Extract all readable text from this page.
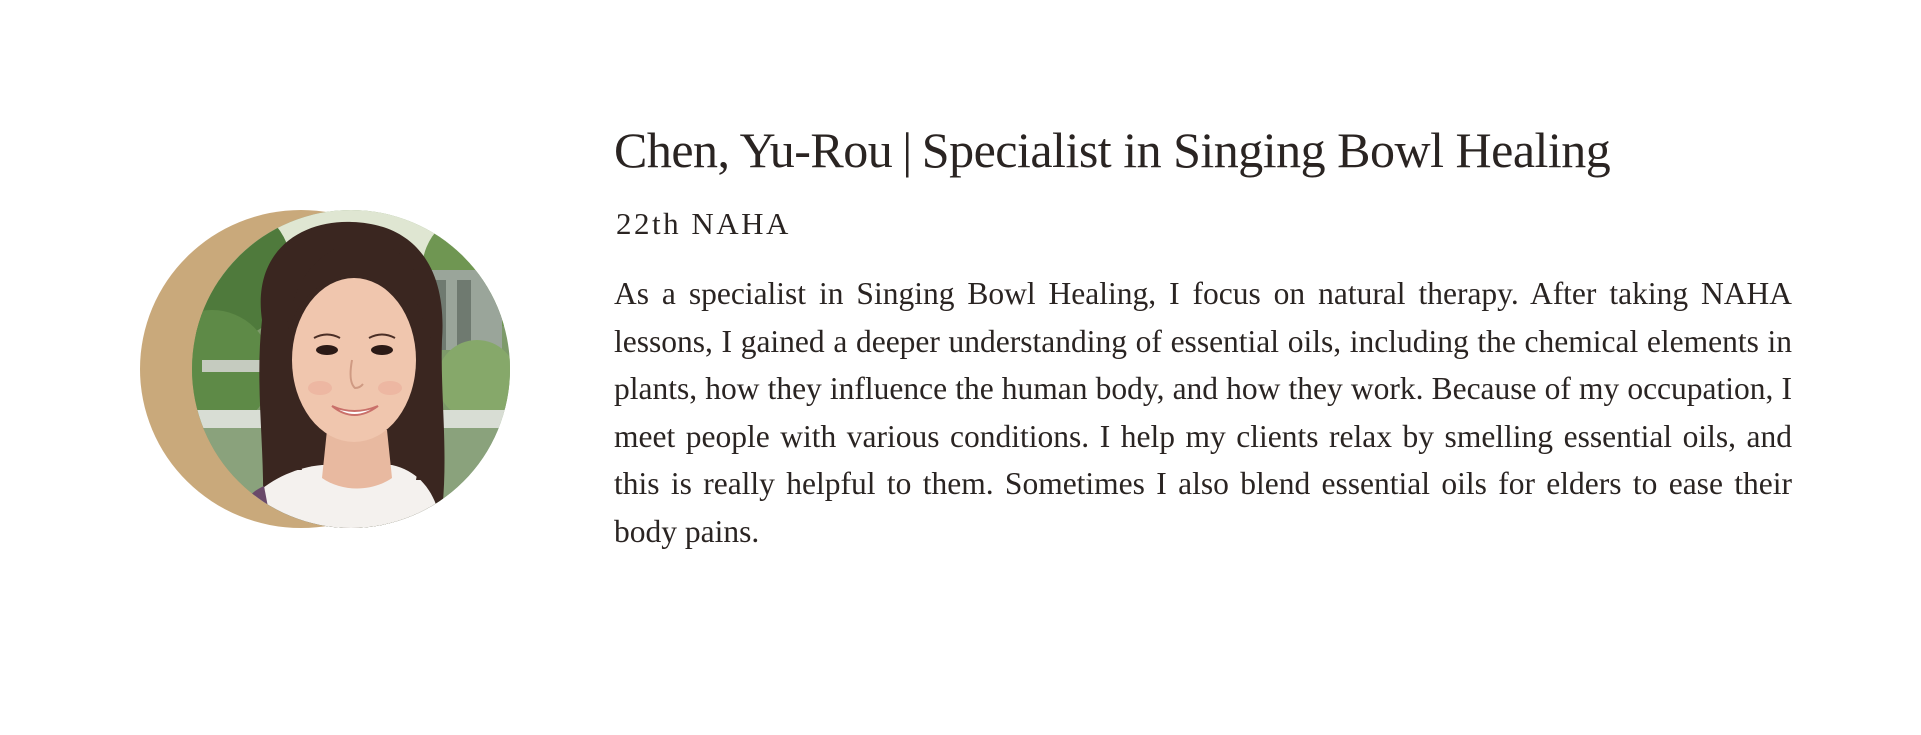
Chen, Yu-Rou | Specialist in Singing Bowl Healing
22th NAHA

As a specialist in Singing Bowl Healing, I focus on natural therapy. After taking NAHA lessons, I gained a deeper understanding of essential oils, including the chemical elements in plants, how they influence the human body, and how they work. Because of my occupation, I meet people with various conditions. I help my clients relax by smelling essential oils, and this is really helpful to them. Sometimes I also blend essential oils for elders to ease their body pains.
